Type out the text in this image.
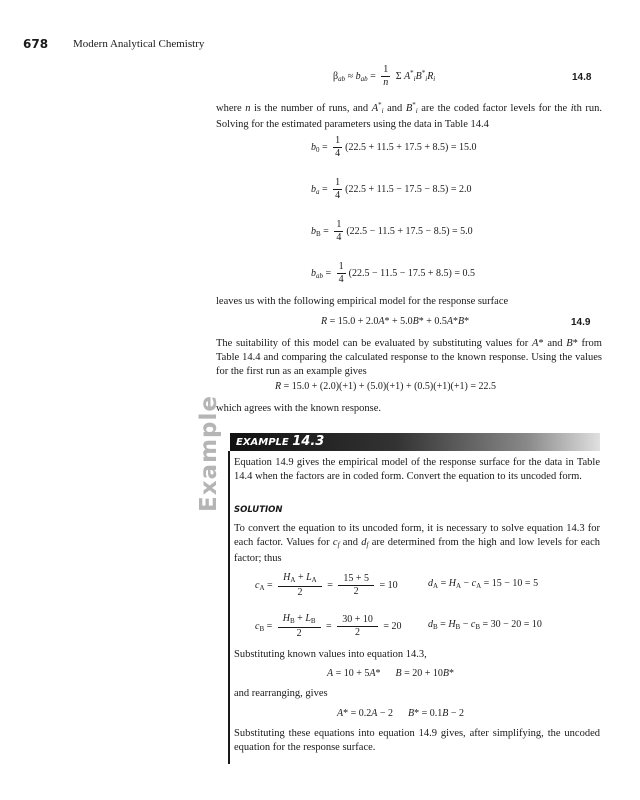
678 Modern Analytical Chemistry
$\beta_{ab} \approx b_{ab} = \frac{1}{n}$ Σ $A^*_iB^*_iR_i$	14.8
where n is the number of runs, and $A^*_i$ and $B^*_i$ are the coded factor levels for the ith run. Solving for the estimated parameters using the data in Table 14.4
$b_0 = \frac{1}{4} (22.5 + 11.5 + 17.5 + 8.5) = 15.0$
$b_a = \frac{1}{4} (22.5 + 11.5 - 17.5 - 8.5) = 2.0$
$b_B = \frac{1}{4} (22.5 - 11.5 + 17.5 - 8.5) = 5.0$
$b_{ab} = \frac{1}{4} (22.5 - 11.5 - 17.5 + 8.5) = 0.5$
leaves us with the following empirical model for the response surface
R = 15.0 + 2.0A* + 5.0B* + 0.5A*B*	14.9
The suitability of this model can be evaluated by substituting values for A* and B* from Table 14.4 and comparing the calculated response to the known response. Using the values for the first run as an example gives
R = 15.0 + (2.0)(+1) + (5.0)(+1) + (0.5)(+1)(+1) = 22.5
which agrees with the known response.
EXAMPLE 14.3
Example Equation 14.9 gives the empirical model of the response surface for the data in Table 14.4 when the factors are in coded form. Convert the equation to its uncoded form.
SOLUTION
To convert the equation to its uncoded form, it is necessary to solve equation 14.3 for each factor. Values for $c_f$ and $d_f$ are determined from the high and low levels for each factor; thus
$c_A = \frac{H_A + L_A}{2} = \frac{15 + 5}{2} = 10$	$d_A = H_A - c_A = 15 - 10 = 5$
$c_B = \frac{H_B + L_B}{2} = \frac{30 + 10}{2} = 20$	$d_B = H_B - c_B = 30 - 20 = 10$
Substituting known values into equation 14.3,
A = 10 + 5A* B = 20 + 10B*
and rearranging, gives
A* = 0.2A − 2 B* = 0.1B − 2
Substituting these equations into equation 14.9 gives, after simplifying, the uncoded equation for the response surface.
